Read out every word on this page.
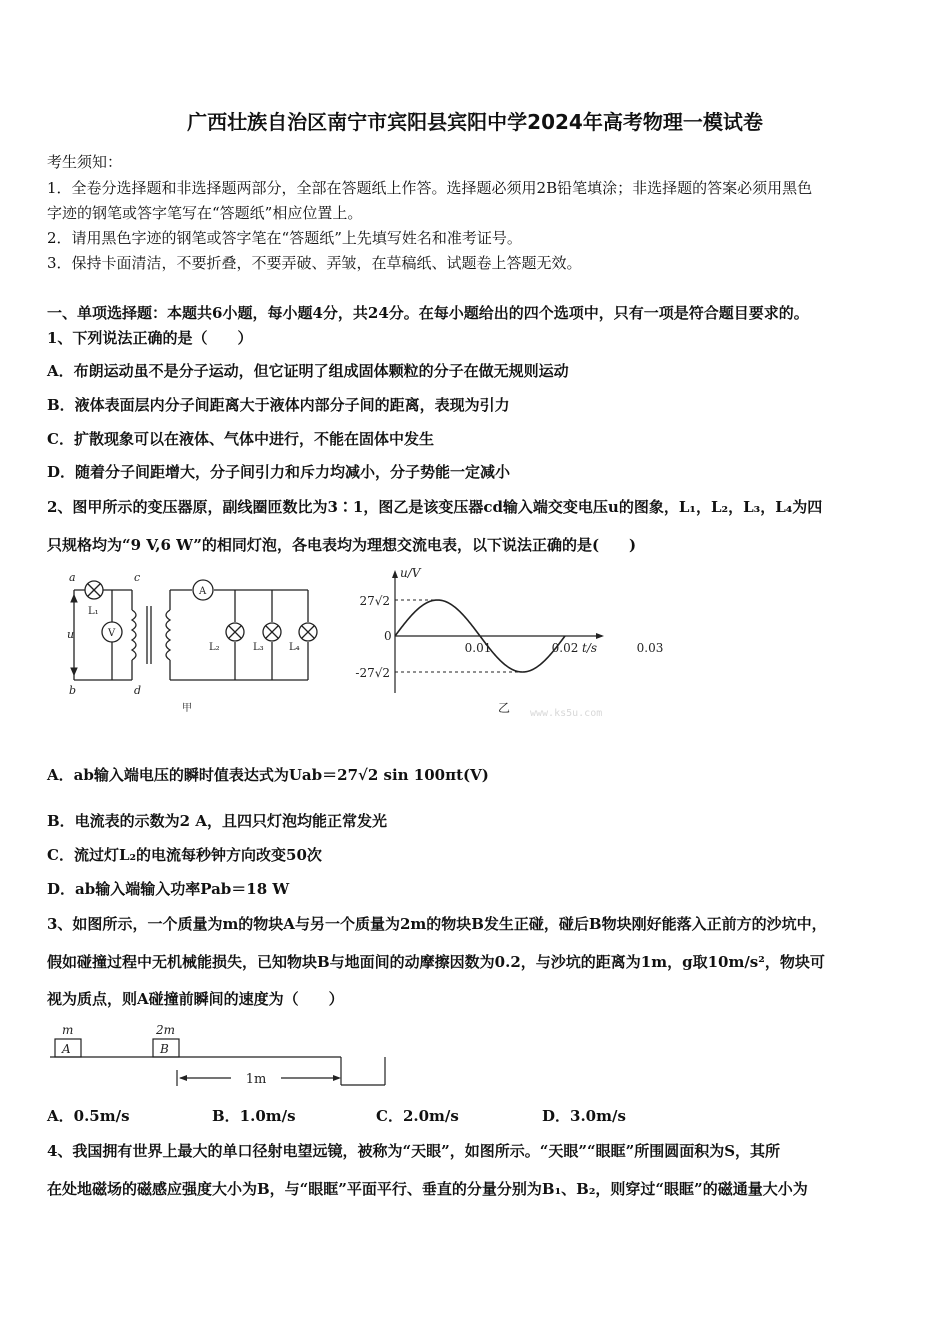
广西壮族自治区南宁市宾阳县宾阳中学2024年高考物理一模试卷
考生须知：
1．全卷分选择题和非选择题两部分，全部在答题纸上作答。选择题必须用2B铅笔填涂；非选择题的答案必须用黑色
字迹的钢笔或答字笔写在“答题纸”相应位置上。
2．请用黑色字迹的钢笔或答字笔在“答题纸”上先填写姓名和准考证号。
3．保持卡面清洁，不要折叠，不要弄破、弄皱，在草稿纸、试题卷上答题无效。
一、单项选择题：本题共6小题，每小题4分，共24分。在每小题给出的四个选项中，只有一项是符合题目要求的。
1、下列说法正确的是（　　）
A．布朗运动虽不是分子运动，但它证明了组成固体颗粒的分子在做无规则运动
B．液体表面层内分子间距离大于液体内部分子间的距离，表现为引力
C．扩散现象可以在液体、气体中进行，不能在固体中发生
D．随着分子间距增大，分子间引力和斥力均减小，分子势能一定减小
2、图甲所示的变压器原，副线圈匝数比为3∶1，图乙是该变压器cd输入端交变电压u的图象，L₁，L₂，L₃，L₄为四
只规格均为“9 V,6 W”的相同灯泡，各电表均为理想交流电表，以下说法正确的是(　　)
a
b
c
d
u
L₁
V
A
L₂	L₃	L₄
甲
u/V
t/s
27√2
-27√2
0
0.01	0.02	0.03
乙 www.ks5u.com
A．ab输入端电压的瞬时值表达式为Uab＝27√2 sin 100πt(V)
B．电流表的示数为2 A，且四只灯泡均能正常发光
C．流过灯L₂的电流每秒钟方向改变50次
D．ab输入端输入功率Pab＝18 W
3、如图所示，一个质量为m的物块A与另一个质量为2m的物块B发生正碰，碰后B物块刚好能落入正前方的沙坑中，
假如碰撞过程中无机械能损失，已知物块B与地面间的动摩擦因数为0.2，与沙坑的距离为1m，g取10m/s²，物块可
视为质点，则A碰撞前瞬间的速度为（　　）
m	2m
A	B
1m
A．0.5m/s	B．1.0m/s	C．2.0m/s	D．3.0m/s
4、我国拥有世界上最大的单口径射电望远镜，被称为“天眼”，如图所示。“天眼”“眼眶”所围圆面积为S，其所
在处地磁场的磁感应强度大小为B，与“眼眶”平面平行、垂直的分量分别为B₁、B₂，则穿过“眼眶”的磁通量大小为
